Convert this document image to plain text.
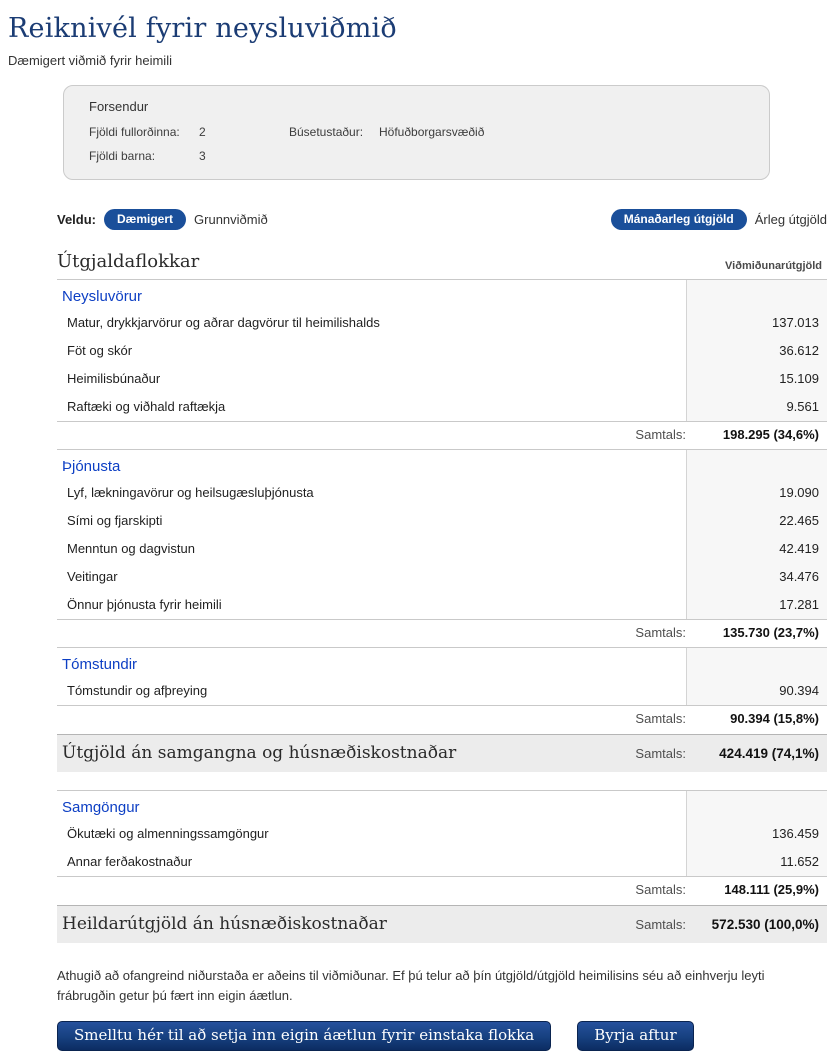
Reiknivél fyrir neysluviðmið
Dæmigert viðmið fyrir heimili
Forsendur
Fjöldi fullorðinna:	2	Búsetustaður:	Höfuðborgarsvæðið
Fjöldi barna:	3
Veldu:	Dæmigert	Grunnviðmið	Mánaðarleg útgjöld	Árleg útgjöld
Útgjaldaflokkar	Viðmiðunarútgjöld
Neysluvörur
Matur, drykkjarvörur og aðrar dagvörur til heimilishalds	137.013
Föt og skór	36.612
Heimilisbúnaður	15.109
Raftæki og viðhald raftækja	9.561
Samtals:	198.295 (34,6%)
Þjónusta
Lyf, lækningavörur og heilsugæsluþjónusta	19.090
Sími og fjarskipti	22.465
Menntun og dagvistun	42.419
Veitingar	34.476
Önnur þjónusta fyrir heimili	17.281
Samtals:	135.730 (23,7%)
Tómstundir
Tómstundir og afþreying	90.394
Samtals:	90.394 (15,8%)
Útgjöld án samgangna og húsnæðiskostnaðar	Samtals:	424.419 (74,1%)
Samgöngur
Ökutæki og almenningssamgöngur	136.459
Annar ferðakostnaður	11.652
Samtals:	148.111 (25,9%)
Heildarútgjöld án húsnæðiskostnaðar	Samtals:	572.530 (100,0%)
Athugið að ofangreind niðurstaða er aðeins til viðmiðunar. Ef þú telur að þín útgjöld/útgjöld heimilisins séu að einhverju leyti frábrugðin getur þú fært inn eigin áætlun.
Smelltu hér til að setja inn eigin áætlun fyrir einstaka flokka	Byrja aftur
